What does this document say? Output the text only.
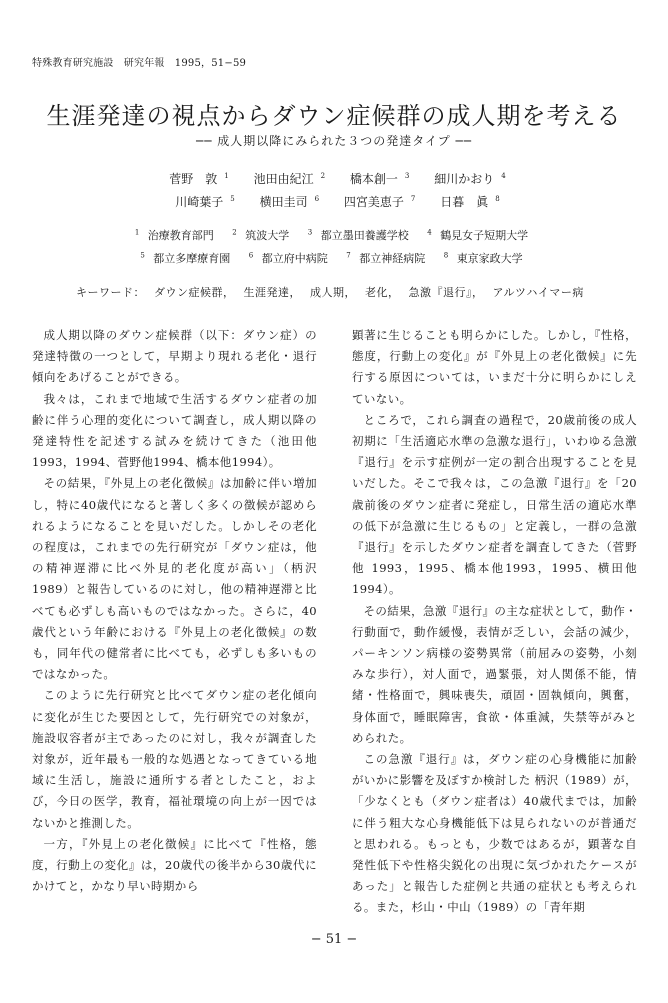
特殊教育研究施設　研究年報　1995，51−59
生涯発達の視点からダウン症候群の成人期を考える
── 成人期以降にみられた３つの発達タイプ ──
菅野　敦 $^1$ 池田由紀江 $^2$ 橋本創一 $^3$ 細川かおり $^4$
川崎葉子 $^5$ 横田圭司 $^6$ 四宮美恵子 $^7$ 日暮　眞 $^8$
$^1$ 治療教育部門	$^2$ 筑波大学	$^3$ 都立墨田養護学校	$^4$ 鶴見女子短期大学
$^5$ 都立多摩療育園	$^6$ 都立府中病院	$^7$ 都立神経病院	$^8$ 東京家政大学
キーワード： ダウン症候群， 生涯発達， 成人期， 老化， 急激『退行』， アルツハイマー病

成人期以降のダウン症候群（以下：ダウン症）の発達特徴の一つとして，早期より現れる老化・退行傾向をあげることができる。

我々は，これまで地域で生活するダウン症者の加齢に伴う心理的変化について調査し，成人期以降の発達特性を記述する試みを続けてきた（池田他 1993，1994、菅野他1994、橋本他1994）。

その結果，『外見上の老化徴候』は加齢に伴い増加し，特に40歳代になると著しく多くの徴候が認められるようになることを見いだした。しかしその老化の程度は，これまでの先行研究が「ダウン症は，他の精神遅滞に比べ外見的老化度が高い」（柄沢 1989）と報告しているのに対し，他の精神遅滞と比べても必ずしも高いものではなかった。さらに，40歳代という年齢における『外見上の老化徴候』の数も，同年代の健常者に比べても，必ずしも多いものではなかった。

このように先行研究と比べてダウン症の老化傾向に変化が生じた要因として，先行研究での対象が，施設収容者が主であったのに対し，我々が調査した対象が，近年最も一般的な処遇となってきている地域に生活し，施設に通所する者としたこと，および，今日の医学，教育，福祉環境の向上が一因ではないかと推測した。

一方，『外見上の老化徴候』に比べて『性格，態度，行動上の変化』は，20歳代の後半から30歳代にかけてと，かなり早い時期から

顕著に生じることも明らかにした。しかし，『性格，態度，行動上の変化』が『外見上の老化徴候』に先行する原因については，いまだ十分に明らかにしえていない。

ところで，これら調査の過程で，20歳前後の成人初期に「生活適応水準の急激な退行」，いわゆる急激『退行』を示す症例が一定の割合出現することを見いだした。そこで我々は，この急激『退行』を「20歳前後のダウン症者に発症し，日常生活の適応水準の低下が急激に生じるもの」と定義し，一群の急激『退行』を示したダウン症者を調査してきた（菅野他 1993，1995、橋本他1993，1995、横田他1994）。

その結果，急激『退行』の主な症状として，動作・行動面で，動作緩慢，表情が乏しい，会話の減少，パーキンソン病様の姿勢異常（前屈みの姿勢，小刻みな歩行），対人面で，過緊張，対人関係不能，情緒・性格面で，興味喪失，頑固・固執傾向，興奮，身体面で，睡眠障害，食欲・体重減，失禁等がみとめられた。

この急激『退行』は，ダウン症の心身機能に加齢がいかに影響を及ぼすか検討した 柄沢（1989）が，「少なくとも（ダウン症者は）40歳代までは，加齢に伴う粗大な心身機能低下は見られないのが普通だと思われる。もっとも，少数ではあるが，顕著な自発性低下や性格尖鋭化の出現に気づかれたケースがあった」と報告した症例と共通の症状とも考えられる。また，杉山・中山（1989）の「青年期

− 51 −
